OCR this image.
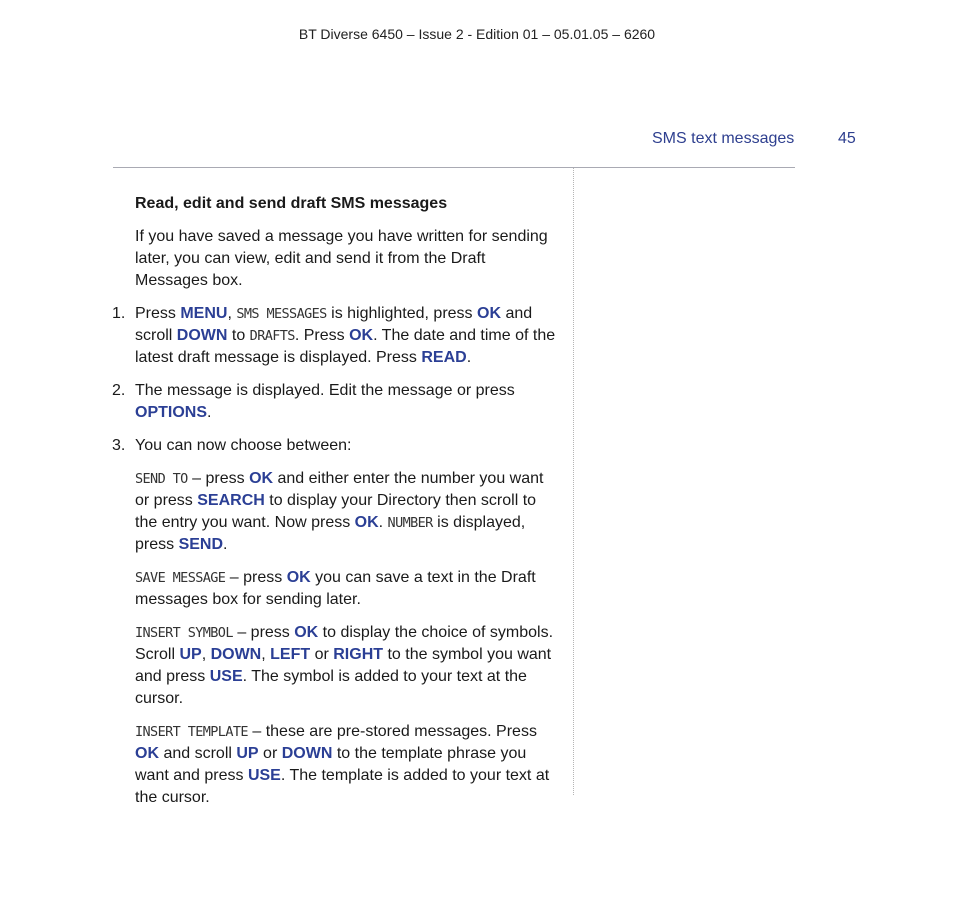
BT Diverse 6450 – Issue 2 - Edition 01 – 05.01.05 – 6260
SMS text messages	45

Read, edit and send draft SMS messages

If you have saved a message you have written for sending later, you can view, edit and send it from the Draft Messages box.

1. Press MENU, SMS MESSAGES is highlighted, press OK and scroll DOWN to DRAFTS. Press OK. The date and time of the latest draft message is displayed. Press READ.
2. The message is displayed. Edit the message or press OPTIONS.
3. You can now choose between:

SEND TO – press OK and either enter the number you want or press SEARCH to display your Directory then scroll to the entry you want. Now press OK. NUMBER is displayed, press SEND.

SAVE MESSAGE – press OK you can save a text in the Draft messages box for sending later.

INSERT SYMBOL – press OK to display the choice of symbols. Scroll UP, DOWN, LEFT or RIGHT to the symbol you want and press USE. The symbol is added to your text at the cursor.

INSERT TEMPLATE – these are pre-stored messages. Press OK and scroll UP or DOWN to the template phrase you want and press USE. The template is added to your text at the cursor.
